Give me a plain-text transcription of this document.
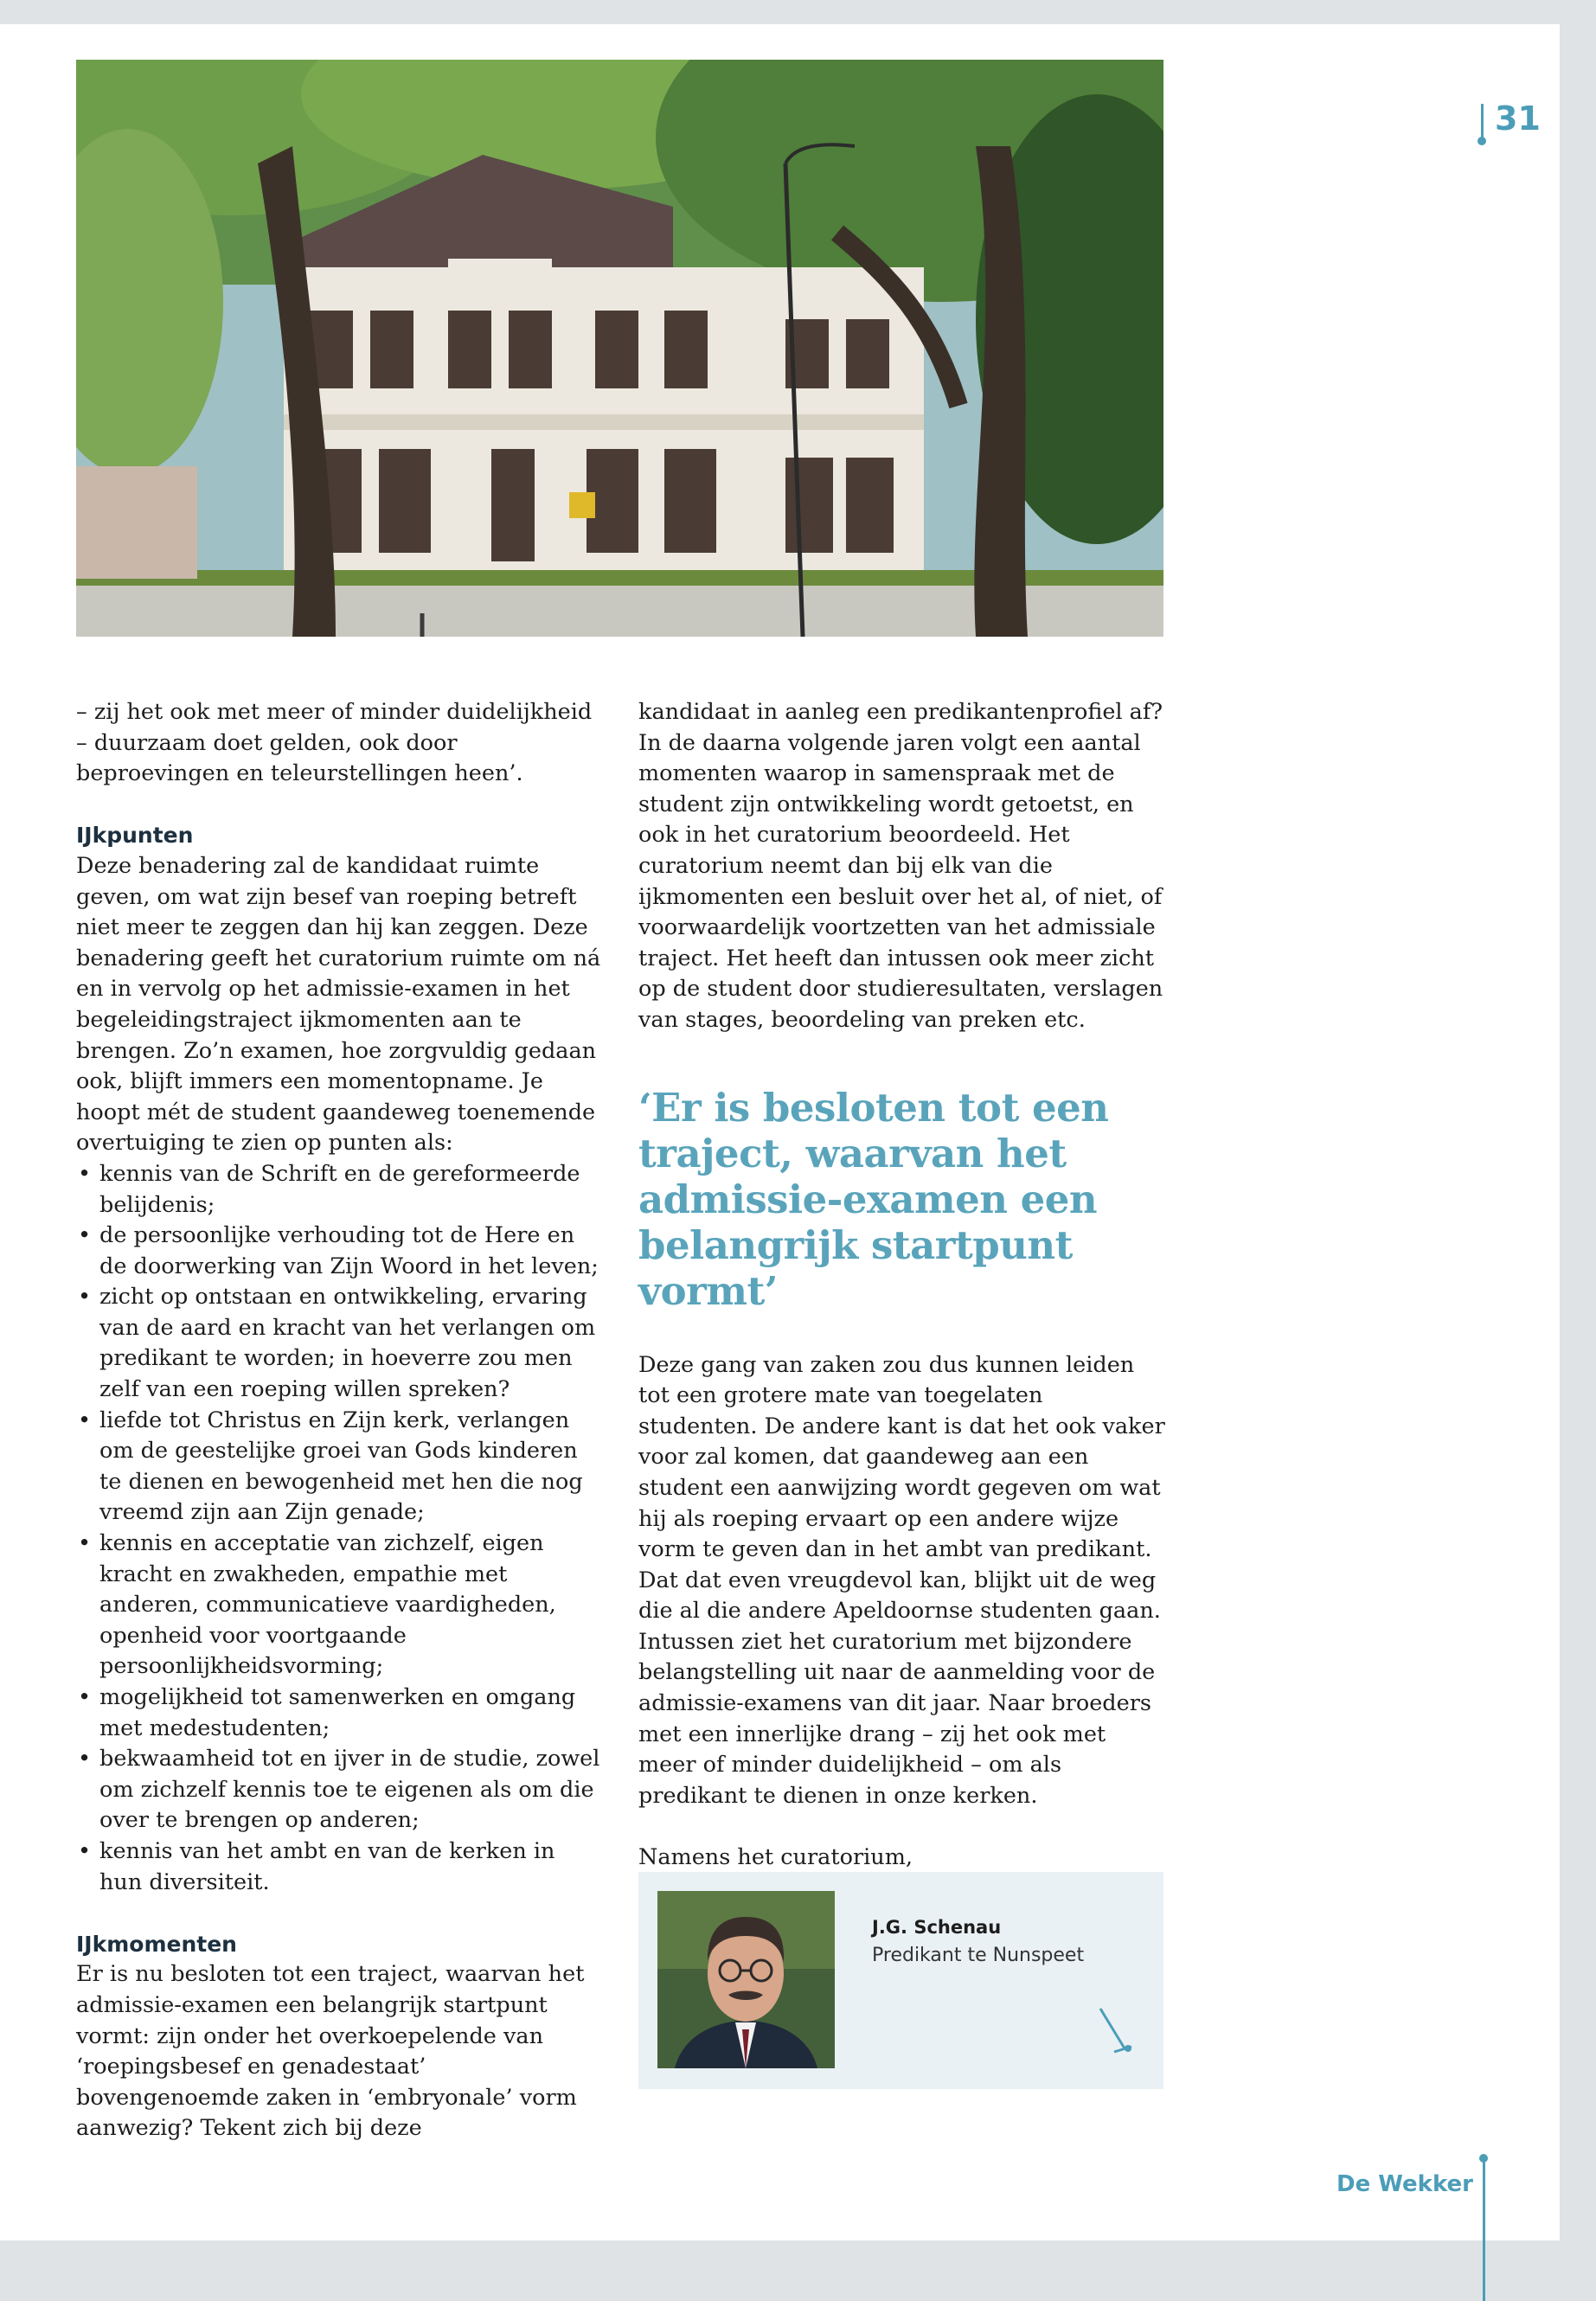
31

– zij het ook met meer of minder duidelijkheid – duurzaam doet gelden, ook door beproevingen en teleurstellingen heen’.

IJkpunten

Deze benadering zal de kandidaat ruimte geven, om wat zijn besef van roeping betreft niet meer te zeggen dan hij kan zeggen. Deze benadering geeft het curatorium ruimte om ná en in vervolg op het admissie-examen in het begeleidingstraject ijkmomenten aan te brengen. Zo’n examen, hoe zorgvuldig gedaan ook, blijft immers een momentopname. Je hoopt mét de student gaandeweg toenemende overtuiging te zien op punten als:

• kennis van de Schrift en de gereformeerde belijdenis;
• de persoonlijke verhouding tot de Here en de doorwerking van Zijn Woord in het leven;
• zicht op ontstaan en ontwikkeling, ervaring van de aard en kracht van het verlangen om predikant te worden; in hoeverre zou men zelf van een roeping willen spreken?
• liefde tot Christus en Zijn kerk, verlangen om de geestelijke groei van Gods kinderen te dienen en bewogenheid met hen die nog vreemd zijn aan Zijn genade;
• kennis en acceptatie van zichzelf, eigen kracht en zwakheden, empathie met anderen, communicatieve vaardigheden, openheid voor voortgaande persoonlijkheidsvorming;
• mogelijkheid tot samenwerken en omgang met medestudenten;
• bekwaamheid tot en ijver in de studie, zowel om zichzelf kennis toe te eigenen als om die over te brengen op anderen;
• kennis van het ambt en van de kerken in hun diversiteit.

IJkmomenten

Er is nu besloten tot een traject, waarvan het admissie-examen een belangrijk startpunt vormt: zijn onder het overkoepelende van ‘roepingsbesef en genadestaat’ bovengenoemde zaken in ‘embryonale’ vorm aanwezig? Tekent zich bij deze

kandidaat in aanleg een predikantenprofiel af? In de daarna volgende jaren volgt een aantal momenten waarop in samenspraak met de student zijn ontwikkeling wordt getoetst, en ook in het curatorium beoordeeld. Het curatorium neemt dan bij elk van die ijkmomenten een besluit over het al, of niet, of voorwaardelijk voortzetten van het admissiale traject. Het heeft dan intussen ook meer zicht op de student door studieresultaten, verslagen van stages, beoordeling van preken etc.

‘Er is besloten tot een traject, waarvan het admissie-examen een belangrijk startpunt vormt’

Deze gang van zaken zou dus kunnen leiden tot een grotere mate van toegelaten studenten. De andere kant is dat het ook vaker voor zal komen, dat gaandeweg aan een student een aanwijzing wordt gegeven om wat hij als roeping ervaart op een andere wijze vorm te geven dan in het ambt van predikant. Dat dat even vreugdevol kan, blijkt uit de weg die al die andere Apeldoornse studenten gaan. Intussen ziet het curatorium met bijzondere belangstelling uit naar de aanmelding voor de admissie-examens van dit jaar. Naar broeders met een innerlijke drang – zij het ook met meer of minder duidelijkheid – om als predikant te dienen in onze kerken.

Namens het curatorium,

J.G. Schenau
Predikant te Nunspeet
De Wekker
